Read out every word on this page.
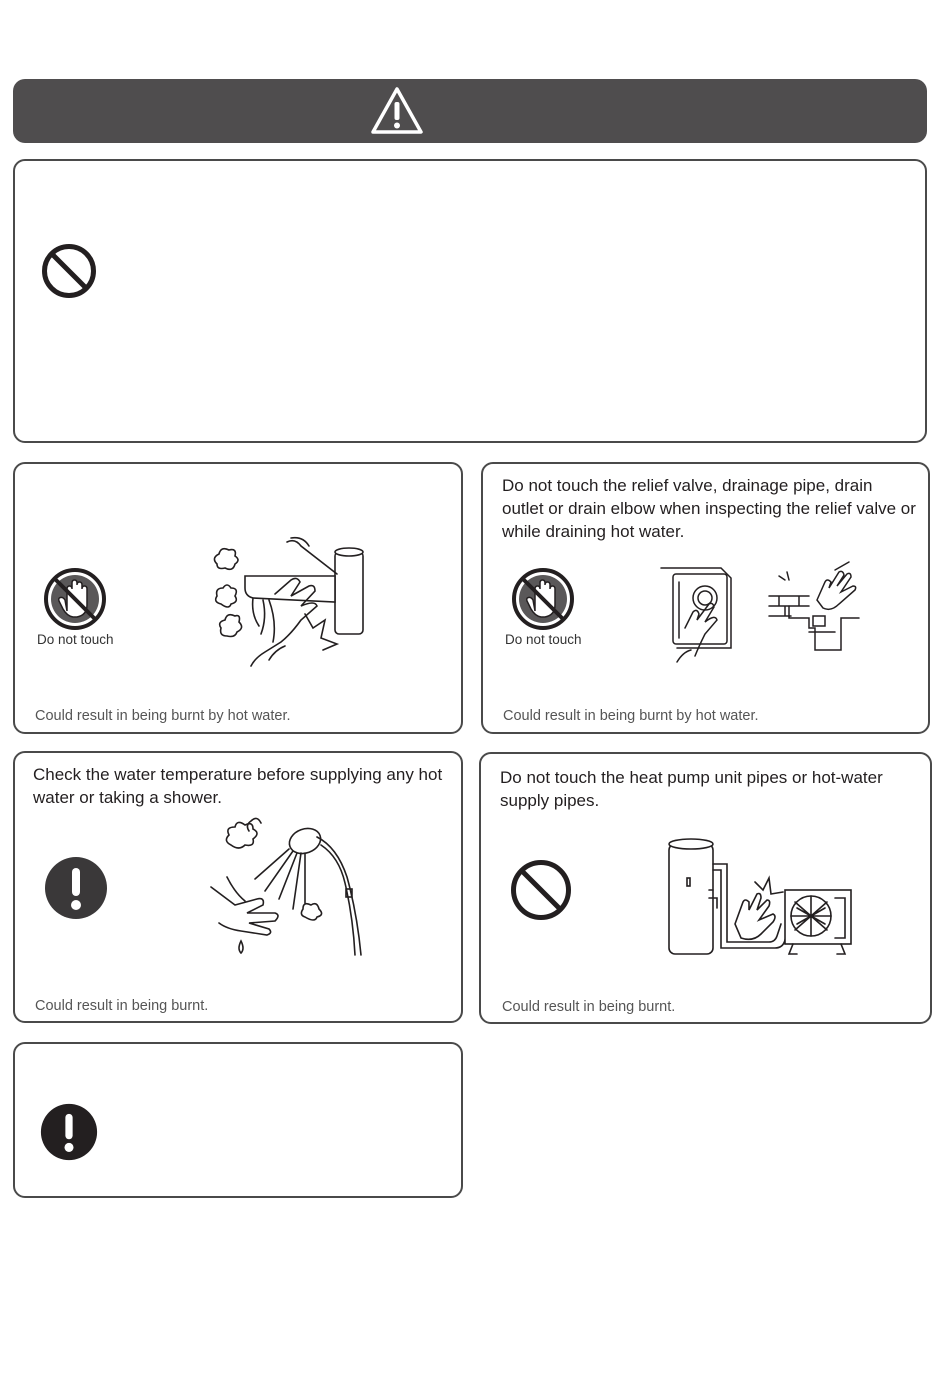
Do not touch
Could result in being burnt by hot water.
Do not touch the relief valve, drainage pipe, drain outlet or drain elbow when inspecting the relief valve or while draining hot water.
Do not touch
Could result in being burnt by hot water.
Check the water temperature before supplying any hot water or taking a shower.
Could result in being burnt.
Do not touch the heat pump unit pipes or hot-water supply pipes.
Could result in being burnt.
